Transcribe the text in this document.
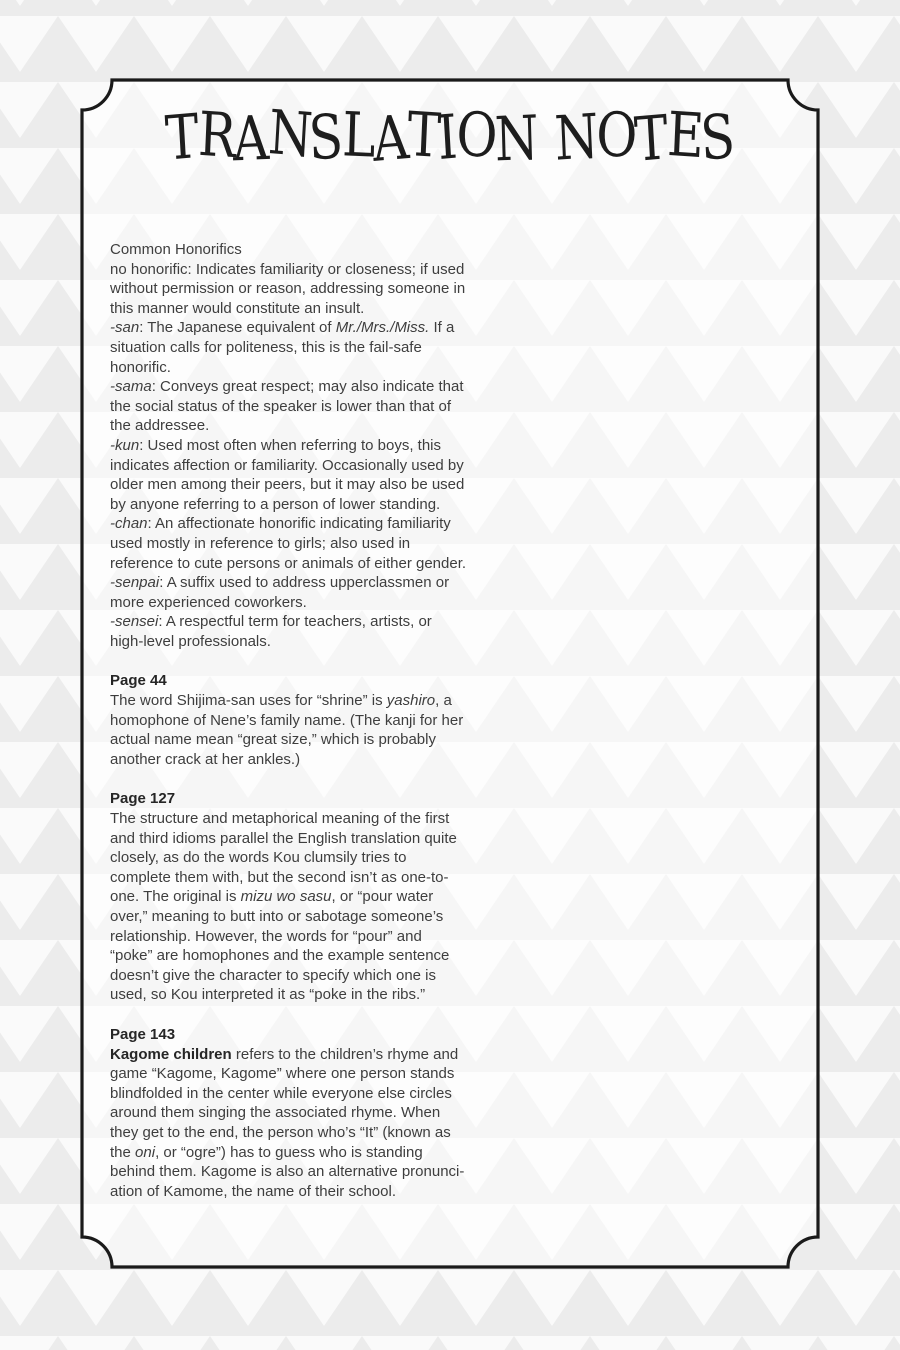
TRANSLATION NOTES
Common Honorifics

no honorific: Indicates familiarity or closeness; if used without permission or reason, addressing someone in this manner would constitute an insult.

-san: The Japanese equivalent of Mr./Mrs./Miss. If a situation calls for politeness, this is the fail-safe honorific.

-sama: Conveys great respect; may also indicate that the social status of the speaker is lower than that of the addressee.

-kun: Used most often when referring to boys, this indicates affection or familiarity. Occasionally used by older men among their peers, but it may also be used by anyone referring to a person of lower standing.

-chan: An affectionate honorific indicating familiarity used mostly in reference to girls; also used in reference to cute persons or animals of either gender.

-senpai: A suffix used to address upperclassmen or more experienced coworkers.

-sensei: A respectful term for teachers, artists, or high-level professionals.

Page 44

The word Shijima-san uses for “shrine” is yashiro, a homophone of Nene’s family name. (The kanji for her actual name mean “great size,” which is probably another crack at her ankles.)

Page 127

The structure and metaphorical meaning of the first and third idioms parallel the English translation quite closely, as do the words Kou clumsily tries to complete them with, but the second isn’t as one-to-one. The original is mizu wo sasu, or “pour water over,” meaning to butt into or sabotage someone’s relationship. However, the words for “pour” and “poke” are homophones and the example sentence doesn’t give the character to specify which one is used, so Kou interpreted it as “poke in the ribs.”

Page 143

Kagome children refers to the children’s rhyme and game “Kagome, Kagome” where one person stands blindfolded in the center while everyone else circles around them singing the associated rhyme. When they get to the end, the person who’s “It” (known as the oni, or “ogre”) has to guess who is standing behind them. Kagome is also an alternative pronunciation of Kamome, the name of their school.
